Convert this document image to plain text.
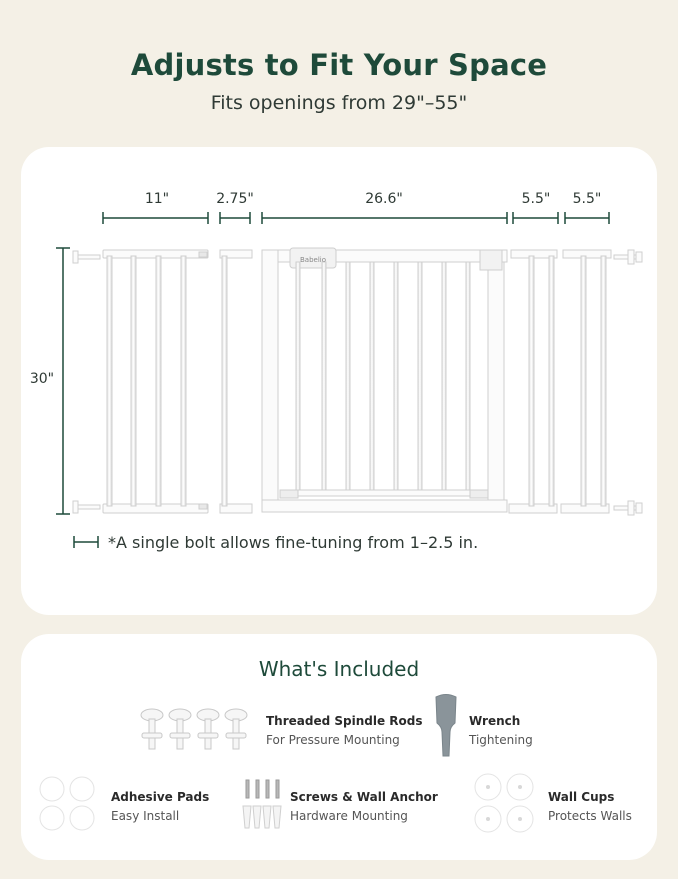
Adjusts to Fit Your Space
Fits openings from 29"–55"
11"	2.75"	26.6"	5.5" 5.5"
30"
Babelio
*A single bolt allows fine-tuning from 1–2.5 in.
What's Included
Threaded Spindle Rods
For Pressure Mounting
Wrench
Tightening
Adhesive Pads
Easy Install
Screws & Wall Anchor
Hardware Mounting
Wall Cups
Protects Walls
